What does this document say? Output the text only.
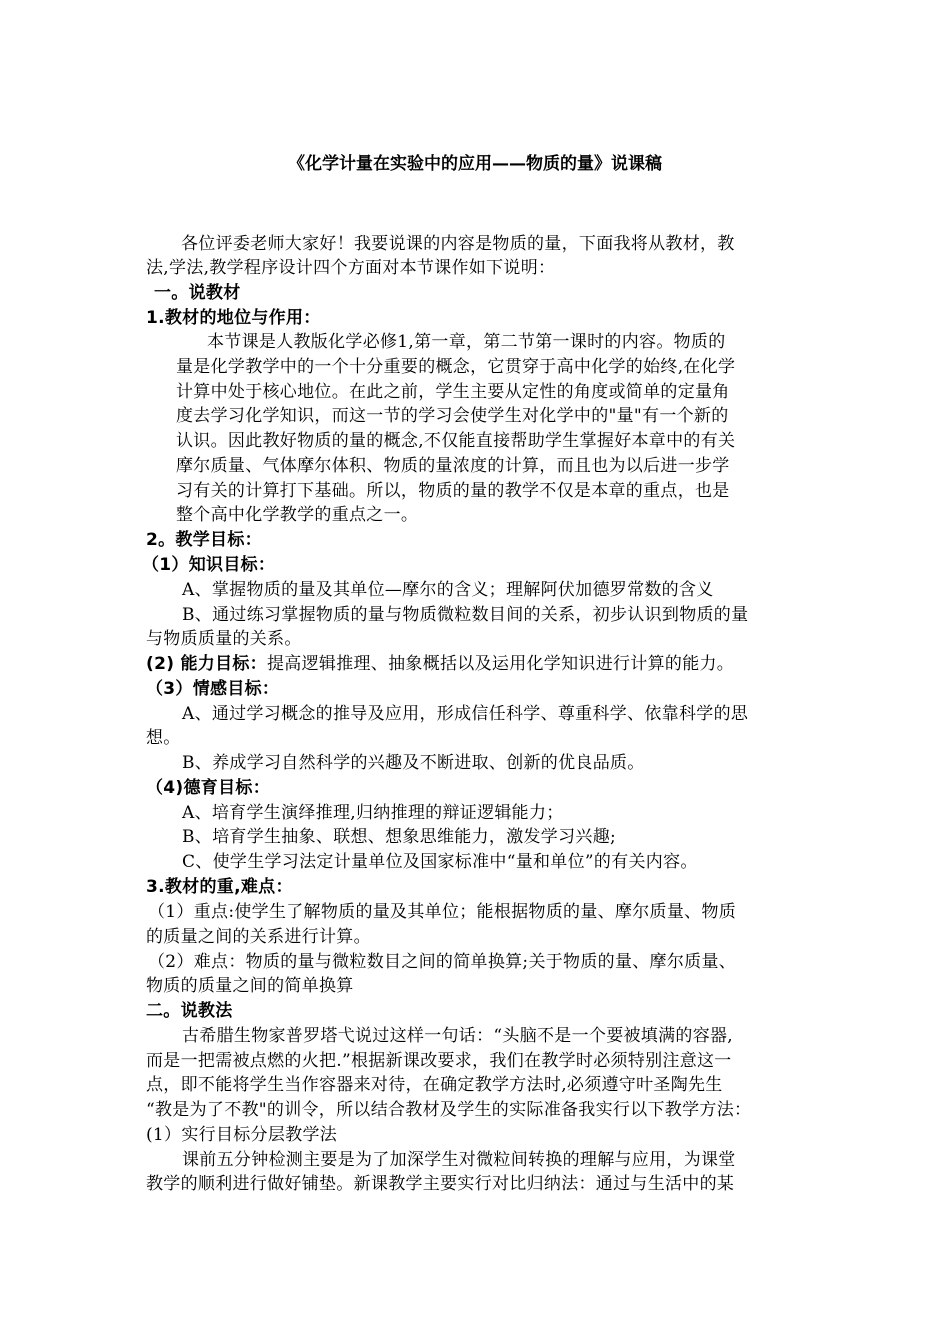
《化学计量在实验中的应用——物质的量》说课稿
各位评委老师大家好！我要说课的内容是物质的量，下面我将从教材，教
法,学法,教学程序设计四个方面对本节课作如下说明：
一。说教材
1.教材的地位与作用：
本节课是人教版化学必修1,第一章，第二节第一课时的内容。物质的
量是化学教学中的一个十分重要的概念，它贯穿于高中化学的始终,在化学
计算中处于核心地位。在此之前，学生主要从定性的角度或简单的定量角
度去学习化学知识，而这一节的学习会使学生对化学中的"量"有一个新的
认识。因此教好物质的量的概念,不仅能直接帮助学生掌握好本章中的有关
摩尔质量、气体摩尔体积、物质的量浓度的计算，而且也为以后进一步学
习有关的计算打下基础。所以，物质的量的教学不仅是本章的重点，也是
整个高中化学教学的重点之一。
2。教学目标：
（1）知识目标：
A、掌握物质的量及其单位—摩尔的含义；理解阿伏加德罗常数的含义
B、通过练习掌握物质的量与物质微粒数目间的关系，初步认识到物质的量
与物质质量的关系。
(2) 能力目标：提高逻辑推理、抽象概括以及运用化学知识进行计算的能力。
（3）情感目标：
A、通过学习概念的推导及应用，形成信任科学、尊重科学、依靠科学的思
想。
B、养成学习自然科学的兴趣及不断进取、创新的优良品质。
（4)德育目标：
A、培育学生演绎推理,归纳推理的辩证逻辑能力；
B、培育学生抽象、联想、想象思维能力，激发学习兴趣;
C、使学生学习法定计量单位及国家标准中“量和单位”的有关内容。
3.教材的重,难点：
（1）重点:使学生了解物质的量及其单位；能根据物质的量、摩尔质量、物质
的质量之间的关系进行计算。
（2）难点：物质的量与微粒数目之间的简单换算;关于物质的量、摩尔质量、
物质的质量之间的简单换算
二。说教法
古希腊生物家普罗塔弋说过这样一句话：“头脑不是一个要被填满的容器,
而是一把需被点燃的火把.”根据新课改要求，我们在教学时必须特别注意这一
点，即不能将学生当作容器来对待，在确定教学方法时,必须遵守叶圣陶先生
“教是为了不教"的训令，所以结合教材及学生的实际准备我实行以下教学方法：
(1）实行目标分层教学法
课前五分钟检测主要是为了加深学生对微粒间转换的理解与应用，为课堂
教学的顺利进行做好铺垫。新课教学主要实行对比归纳法：通过与生活中的某
